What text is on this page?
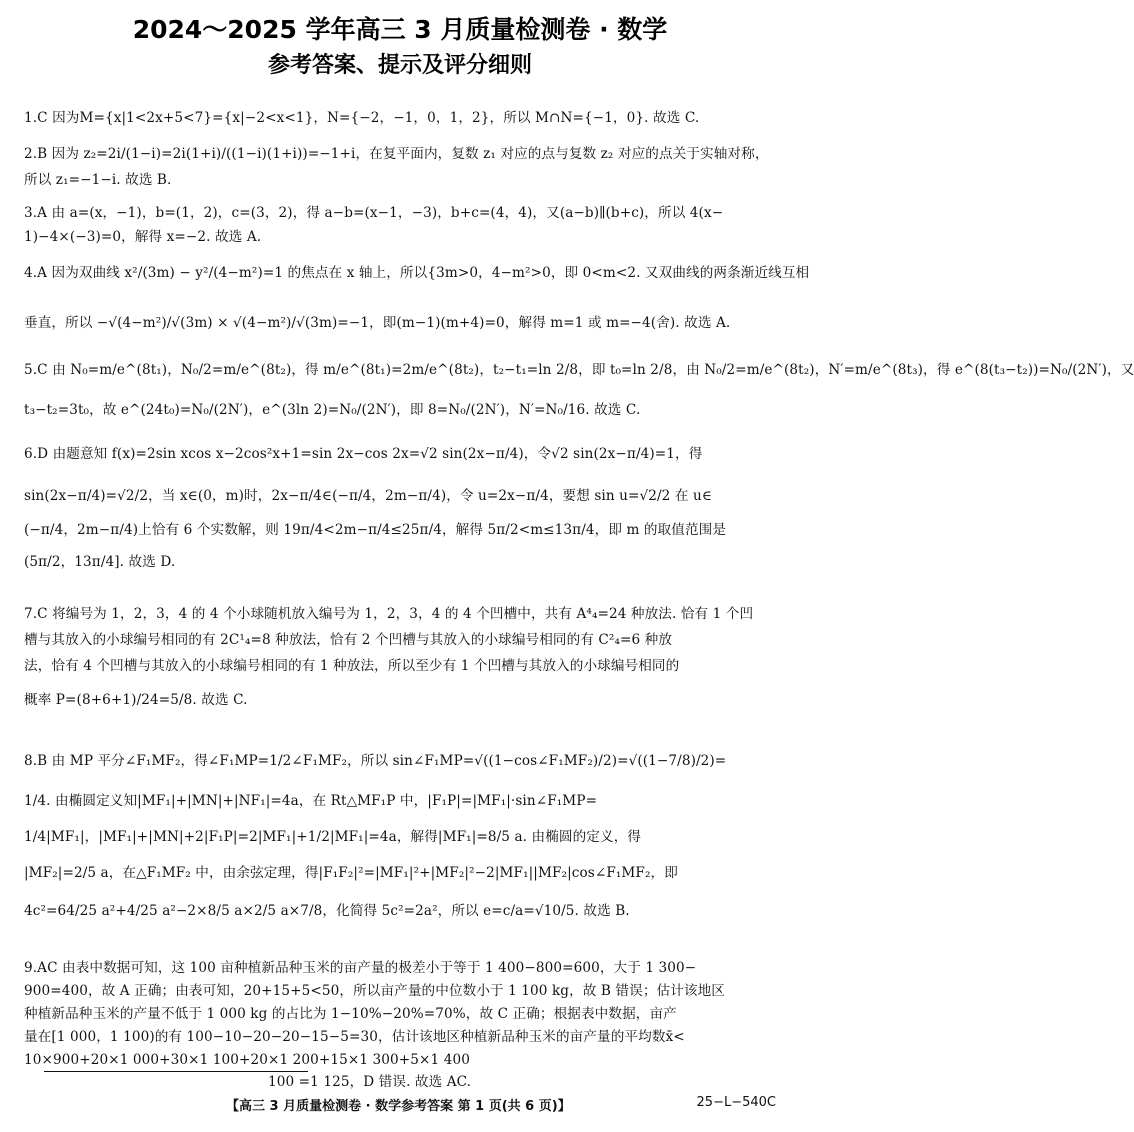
2024～2025 学年高三 3 月质量检测卷 · 数学
参考答案、提示及评分细则
1.C 因为M={x|1<2x+5<7}={x|−2<x<1}，N={−2，−1，0，1，2}，所以 M∩N={−1，0}. 故选 C.
2.B 因为 z₂=2i/(1−i)=2i(1+i)/((1−i)(1+i))=−1+i，在复平面内，复数 z₁ 对应的点与复数 z₂ 对应的点关于实轴对称，
所以 z₁=−1−i. 故选 B.
3.A 由 a=(x，−1)，b=(1，2)，c=(3，2)，得 a−b=(x−1，−3)，b+c=(4，4)，又(a−b)∥(b+c)，所以 4(x−
1)−4×(−3)=0，解得 x=−2. 故选 A.
4.A 因为双曲线 x²/(3m) − y²/(4−m²)=1 的焦点在 x 轴上，所以{3m>0，4−m²>0，即 0<m<2. 又双曲线的两条渐近线互相
垂直，所以 −√(4−m²)/√(3m) × √(4−m²)/√(3m)=−1，即(m−1)(m+4)=0，解得 m=1 或 m=−4(舍). 故选 A.
5.C 由 N₀=m/e^(8t₁)，N₀/2=m/e^(8t₂)，得 m/e^(8t₁)=2m/e^(8t₂)，t₂−t₁=ln 2/8，即 t₀=ln 2/8，由 N₀/2=m/e^(8t₂)，N′=m/e^(8t₃)，得 e^(8(t₃−t₂))=N₀/(2N′)，又
t₃−t₂=3t₀，故 e^(24t₀)=N₀/(2N′)，e^(3ln 2)=N₀/(2N′)，即 8=N₀/(2N′)，N′=N₀/16. 故选 C.
6.D 由题意知 f(x)=2sin xcos x−2cos²x+1=sin 2x−cos 2x=√2 sin(2x−π/4)，令√2 sin(2x−π/4)=1，得
sin(2x−π/4)=√2/2，当 x∈(0，m)时，2x−π/4∈(−π/4，2m−π/4)，令 u=2x−π/4，要想 sin u=√2/2 在 u∈
(−π/4，2m−π/4)上恰有 6 个实数解，则 19π/4<2m−π/4≤25π/4，解得 5π/2<m≤13π/4，即 m 的取值范围是
(5π/2，13π/4]. 故选 D.
7.C 将编号为 1，2，3，4 的 4 个小球随机放入编号为 1，2，3，4 的 4 个凹槽中，共有 A⁴₄=24 种放法. 恰有 1 个凹
槽与其放入的小球编号相同的有 2C¹₄=8 种放法，恰有 2 个凹槽与其放入的小球编号相同的有 C²₄=6 种放
法，恰有 4 个凹槽与其放入的小球编号相同的有 1 种放法，所以至少有 1 个凹槽与其放入的小球编号相同的
概率 P=(8+6+1)/24=5/8. 故选 C.
8.B 由 MP 平分∠F₁MF₂，得∠F₁MP=1/2∠F₁MF₂，所以 sin∠F₁MP=√((1−cos∠F₁MF₂)/2)=√((1−7/8)/2)=
1/4. 由椭圆定义知|MF₁|+|MN|+|NF₁|=4a，在 Rt△MF₁P 中，|F₁P|=|MF₁|·sin∠F₁MP=
1/4|MF₁|，|MF₁|+|MN|+2|F₁P|=2|MF₁|+1/2|MF₁|=4a，解得|MF₁|=8/5 a. 由椭圆的定义，得
|MF₂|=2/5 a，在△F₁MF₂ 中，由余弦定理，得|F₁F₂|²=|MF₁|²+|MF₂|²−2|MF₁||MF₂|cos∠F₁MF₂，即
4c²=64/25 a²+4/25 a²−2×8/5 a×2/5 a×7/8，化简得 5c²=2a²，所以 e=c/a=√10/5. 故选 B.
9.AC 由表中数据可知，这 100 亩种植新品种玉米的亩产量的极差小于等于 1 400−800=600，大于 1 300−
900=400，故 A 正确；由表可知，20+15+5<50，所以亩产量的中位数小于 1 100 kg，故 B 错误；估计该地区
种植新品种玉米的产量不低于 1 000 kg 的占比为 1−10%−20%=70%，故 C 正确；根据表中数据，亩产
量在[1 000，1 100)的有 100−10−20−20−15−5=30，估计该地区种植新品种玉米的亩产量的平均数x̄<
10×900+20×1 000+30×1 100+20×1 200+15×1 300+5×1 400
100 =1 125，D 错误. 故选 AC.
【高三 3 月质量检测卷 · 数学参考答案 第 1 页(共 6 页)】	25−L−540C
